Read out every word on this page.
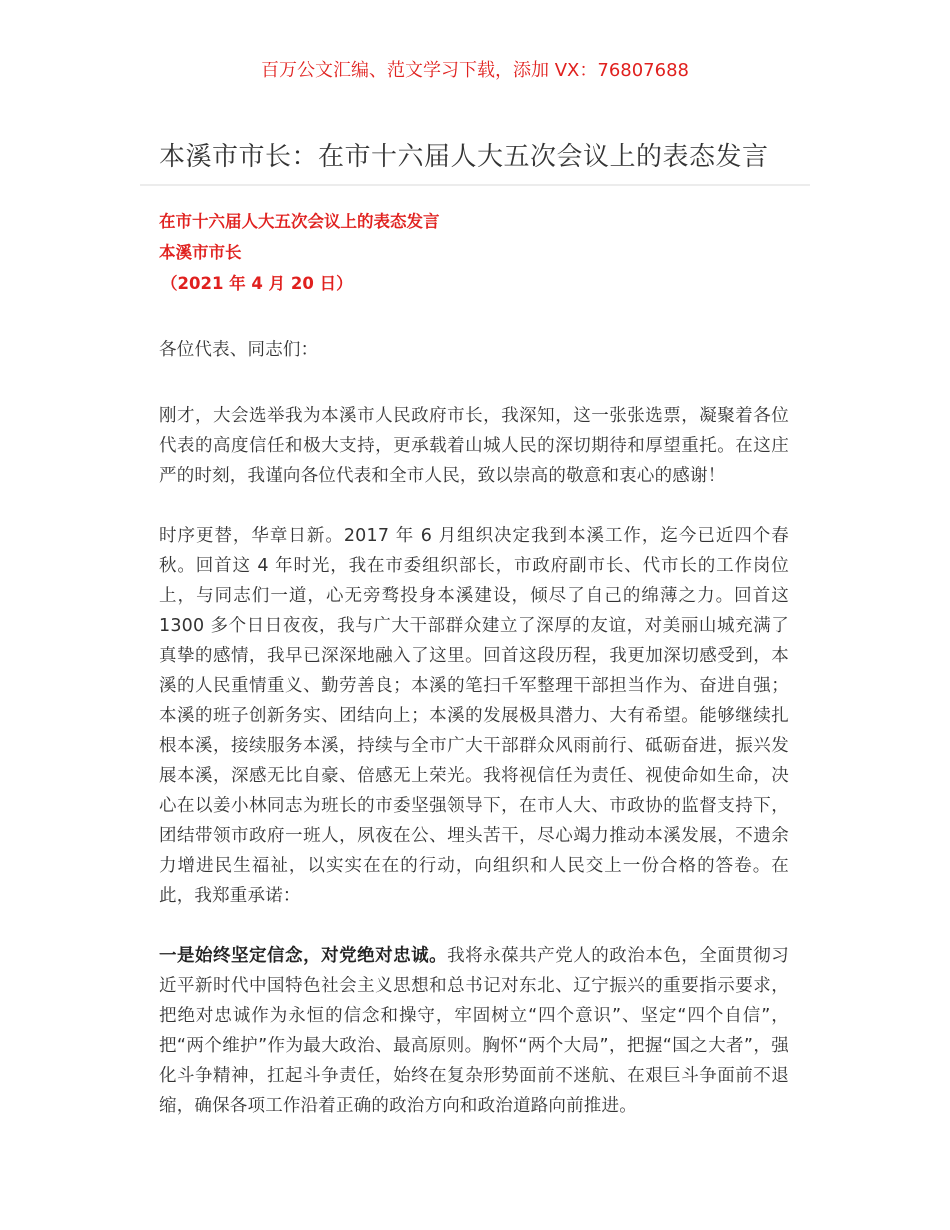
百万公文汇编、范文学习下载，添加 VX：76807688
本溪市市长：在市十六届人大五次会议上的表态发言
在市十六届人大五次会议上的表态发言
本溪市市长
（2021 年 4 月 20 日）

各位代表、同志们：

刚才，大会选举我为本溪市人民政府市长，我深知，这一张张选票，凝聚着各位代表的高度信任和极大支持，更承载着山城人民的深切期待和厚望重托。在这庄严的时刻，我谨向各位代表和全市人民，致以崇高的敬意和衷心的感谢！

时序更替，华章日新。2017 年 6 月组织决定我到本溪工作，迄今已近四个春秋。回首这 4 年时光，我在市委组织部长，市政府副市长、代市长的工作岗位上，与同志们一道，心无旁骛投身本溪建设，倾尽了自己的绵薄之力。回首这 1300 多个日日夜夜，我与广大干部群众建立了深厚的友谊，对美丽山城充满了真挚的感情，我早已深深地融入了这里。回首这段历程，我更加深切感受到，本溪的人民重情重义、勤劳善良；本溪的笔扫千军整理干部担当作为、奋进自强；本溪的班子创新务实、团结向上；本溪的发展极具潜力、大有希望。能够继续扎根本溪，接续服务本溪，持续与全市广大干部群众风雨前行、砥砺奋进，振兴发展本溪，深感无比自豪、倍感无上荣光。我将视信任为责任、视使命如生命，决心在以姜小林同志为班长的市委坚强领导下，在市人大、市政协的监督支持下，团结带领市政府一班人，夙夜在公、埋头苦干，尽心竭力推动本溪发展，不遗余力增进民生福祉，以实实在在的行动，向组织和人民交上一份合格的答卷。在此，我郑重承诺：

一是始终坚定信念，对党绝对忠诚。我将永葆共产党人的政治本色，全面贯彻习近平新时代中国特色社会主义思想和总书记对东北、辽宁振兴的重要指示要求，把绝对忠诚作为永恒的信念和操守，牢固树立“四个意识”、坚定“四个自信”，把“两个维护”作为最大政治、最高原则。胸怀“两个大局”，把握“国之大者”，强化斗争精神，扛起斗争责任，始终在复杂形势面前不迷航、在艰巨斗争面前不退缩，确保各项工作沿着正确的政治方向和政治道路向前推进。
